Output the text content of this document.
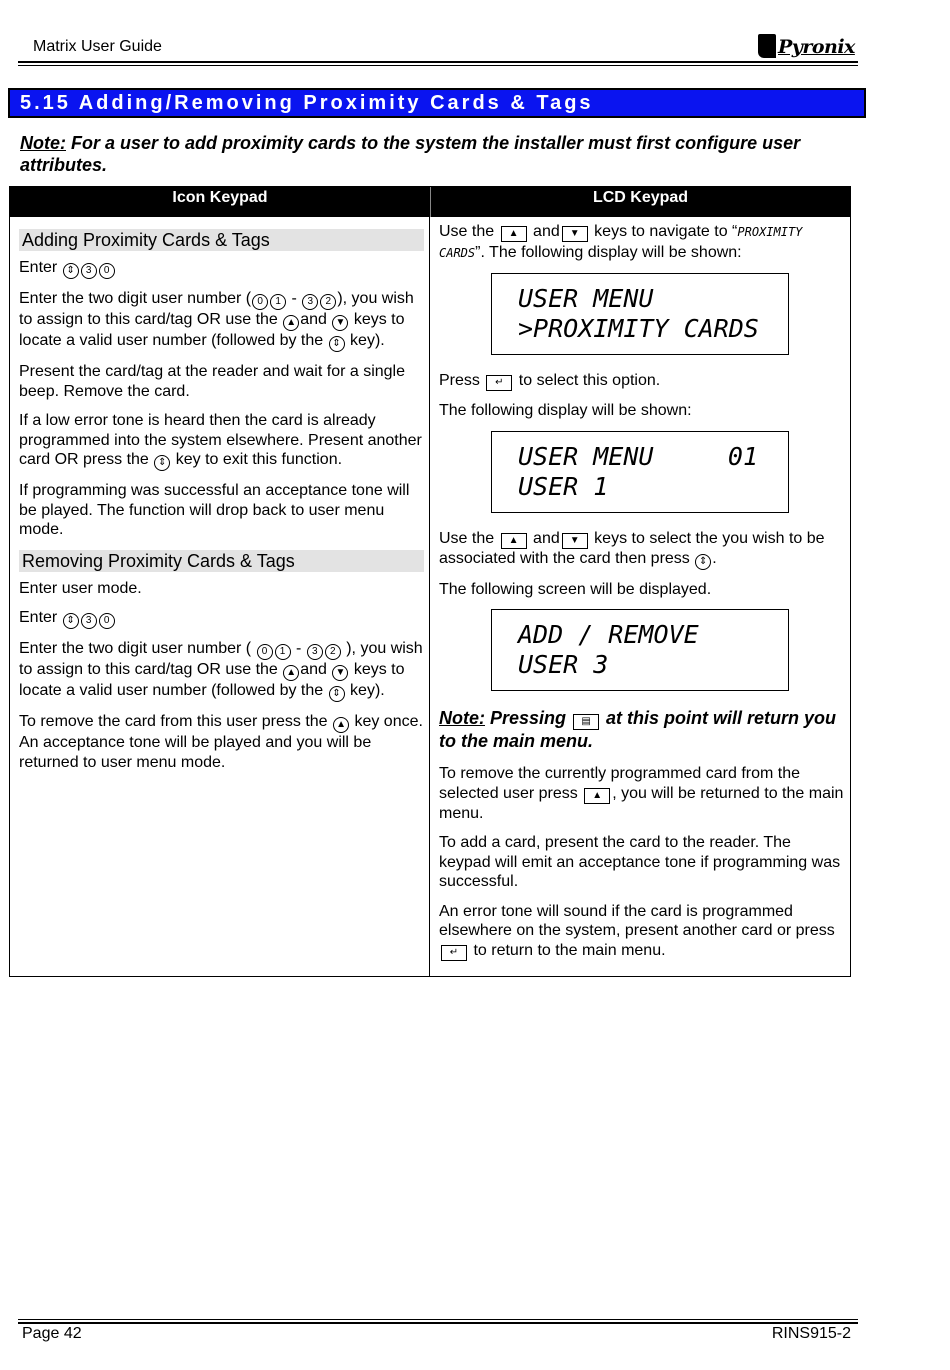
Matrix User Guide	Pyronix
5.15 Adding/Removing Proximity Cards & Tags
Note: For a user to add proximity cards to the system the installer must first configure user attributes.
Icon Keypad	LCD Keypad
Adding Proximity Cards & Tags

Enter ⇕ 3 0

Enter the two digit user number ( 0 1 - 3 2 ), you wish to assign to this card/tag OR use the ▲ and ▼ keys to locate a valid user number (followed by the ⇕ key).

Present the card/tag at the reader and wait for a single beep. Remove the card.

If a low error tone is heard then the card is already programmed into the system elsewhere. Present another card OR press the ⇕ key to exit this function.

If programming was successful an acceptance tone will be played. The function will drop back to user menu mode.

Removing Proximity Cards & Tags

Enter user mode.

Enter ⇕ 3 0

Enter the two digit user number ( 0 1 - 3 2 ), you wish to assign to this card/tag OR use the ▲ and ▼ keys to locate a valid user number (followed by the ⇕ key).

To remove the card from this user press the ▲ key once. An acceptance tone will be played and you will be returned to user menu mode.

Use the ▲ and ▼ keys to navigate to “PROXIMITY CARDS”. The following display will be shown:

USER MENU
>PROXIMITY CARDS

Press ↵ to select this option.

The following display will be shown:

USER MENU	01
USER 1

Use the ▲ and ▼ keys to select the you wish to be associated with the card then press ⇕ .

The following screen will be displayed.

ADD / REMOVE
USER 3
Note: Pressing ▤ at this point will return you to the main menu.

To remove the currently programmed card from the selected user press ▲ , you will be returned to the main menu.

To add a card, present the card to the reader. The keypad will emit an acceptance tone if programming was successful.

An error tone will sound if the card is programmed elsewhere on the system, present another card or press ↵ to return to the main menu.

Page 42	RINS915-2
